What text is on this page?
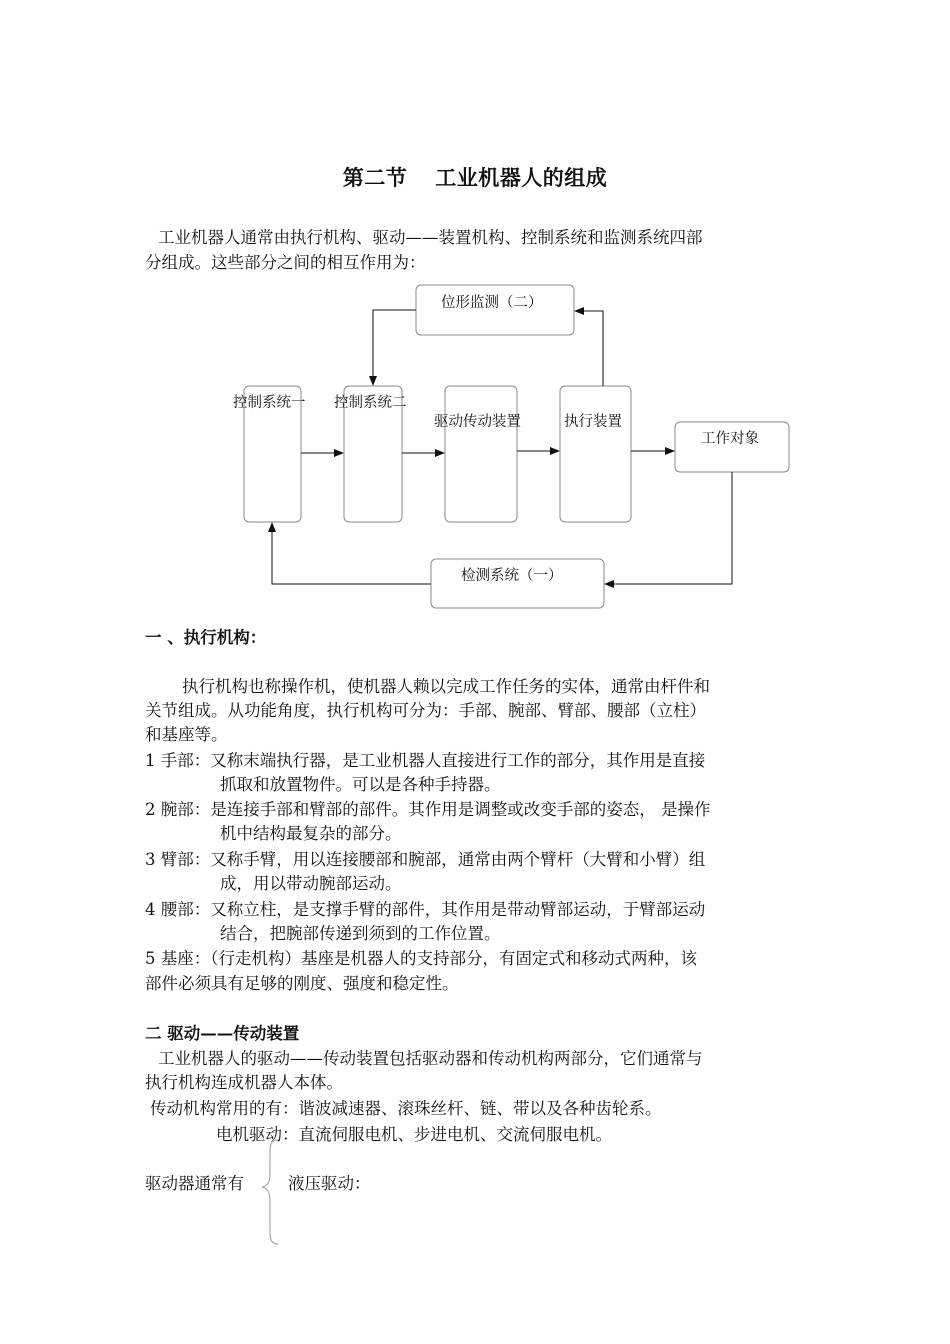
第二节 工业机器人的组成
工业机器人通常由执行机构、驱动——装置机构、控制系统和监测系统四部
分组成。这些部分之间的相互作用为：
位形监测（二）
控制系统一 控制系统二
驱动传动装置	执行装置
工作对象
检测系统（一）
一 、执行机构：
执行机构也称操作机，使机器人赖以完成工作任务的实体，通常由杆件和
关节组成。从功能角度，执行机构可分为：手部、腕部、臂部、腰部（立柱）
和基座等。
1 手部：又称末端执行器，是工业机器人直接进行工作的部分，其作用是直接
抓取和放置物件。可以是各种手持器。
2 腕部：是连接手部和臂部的部件。其作用是调整或改变手部的姿态， 是操作
机中结构最复杂的部分。
3 臂部：又称手臂，用以连接腰部和腕部，通常由两个臂杆（大臂和小臂）组
成，用以带动腕部运动。
4 腰部：又称立柱，是支撑手臂的部件，其作用是带动臂部运动，于臂部运动
结合，把腕部传递到须到的工作位置。
5 基座：（行走机构）基座是机器人的支持部分，有固定式和移动式两种，该
部件必须具有足够的刚度、强度和稳定性。
二 驱动——传动装置
工业机器人的驱动——传动装置包括驱动器和传动机构两部分，它们通常与
执行机构连成机器人本体。
传动机构常用的有：谐波减速器、滚珠丝杆、链、带以及各种齿轮系。
电机驱动：直流伺服电机、步进电机、交流伺服电机。
驱动器通常有	液压驱动：
